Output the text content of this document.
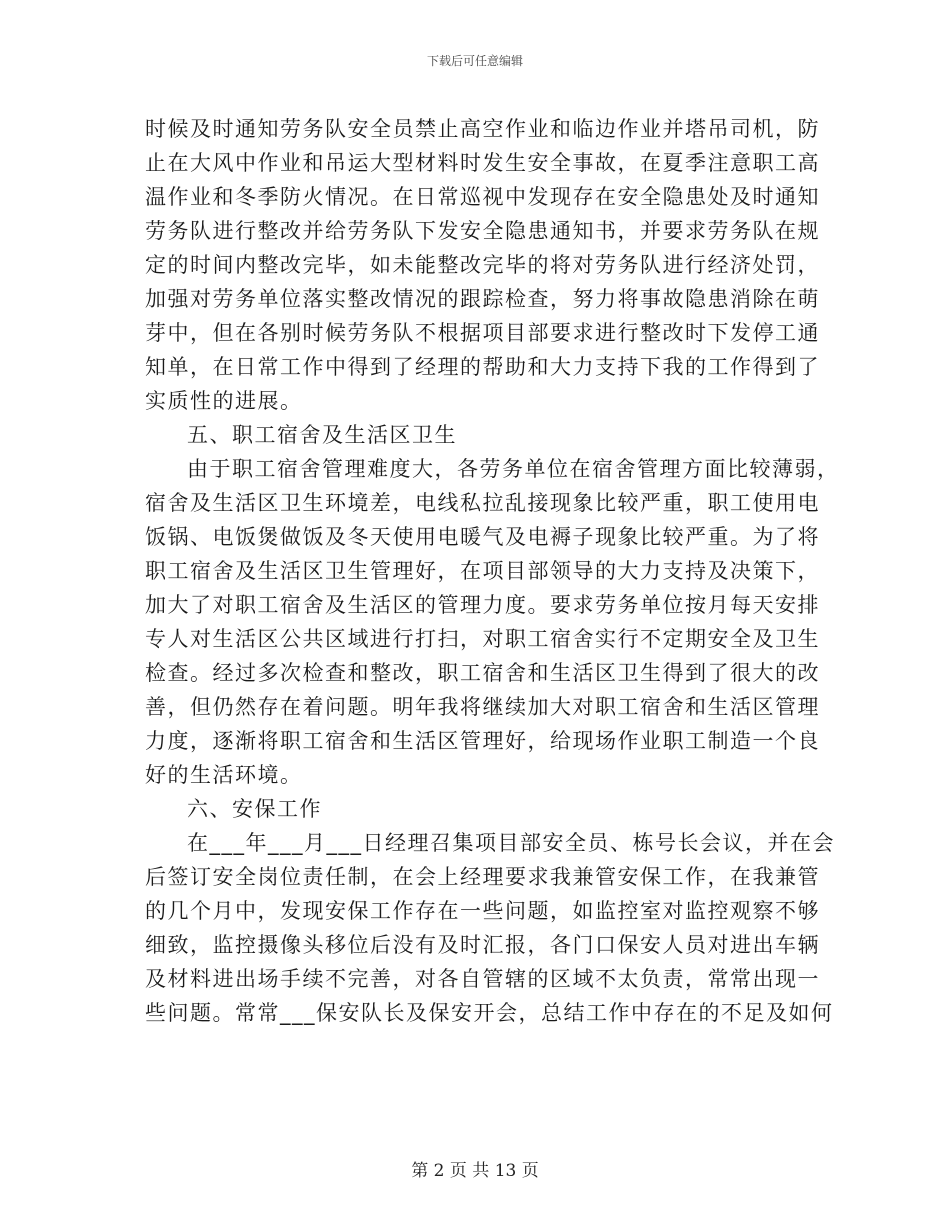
下载后可任意编辑
时候及时通知劳务队安全员禁止高空作业和临边作业并塔吊司机，防
止在大风中作业和吊运大型材料时发生安全事故，在夏季注意职工高
温作业和冬季防火情况。在日常巡视中发现存在安全隐患处及时通知
劳务队进行整改并给劳务队下发安全隐患通知书，并要求劳务队在规
定的时间内整改完毕，如未能整改完毕的将对劳务队进行经济处罚，
加强对劳务单位落实整改情况的跟踪检查，努力将事故隐患消除在萌
芽中，但在各别时候劳务队不根据项目部要求进行整改时下发停工通
知单，在日常工作中得到了经理的帮助和大力支持下我的工作得到了
实质性的进展。
五、职工宿舍及生活区卫生
由于职工宿舍管理难度大，各劳务单位在宿舍管理方面比较薄弱，
宿舍及生活区卫生环境差，电线私拉乱接现象比较严重，职工使用电
饭锅、电饭煲做饭及冬天使用电暖气及电褥子现象比较严重。为了将
职工宿舍及生活区卫生管理好，在项目部领导的大力支持及决策下，
加大了对职工宿舍及生活区的管理力度。要求劳务单位按月每天安排
专人对生活区公共区域进行打扫，对职工宿舍实行不定期安全及卫生
检查。经过多次检查和整改，职工宿舍和生活区卫生得到了很大的改
善，但仍然存在着问题。明年我将继续加大对职工宿舍和生活区管理
力度，逐渐将职工宿舍和生活区管理好，给现场作业职工制造一个良
好的生活环境。
六、安保工作
在___年___月___日经理召集项目部安全员、栋号长会议，并在会
后签订安全岗位责任制，在会上经理要求我兼管安保工作，在我兼管
的几个月中，发现安保工作存在一些问题，如监控室对监控观察不够
细致，监控摄像头移位后没有及时汇报，各门口保安人员对进出车辆
及材料进出场手续不完善，对各自管辖的区域不太负责，常常出现一
些问题。常常___保安队长及保安开会，总结工作中存在的不足及如何
第 2 页 共 13 页
